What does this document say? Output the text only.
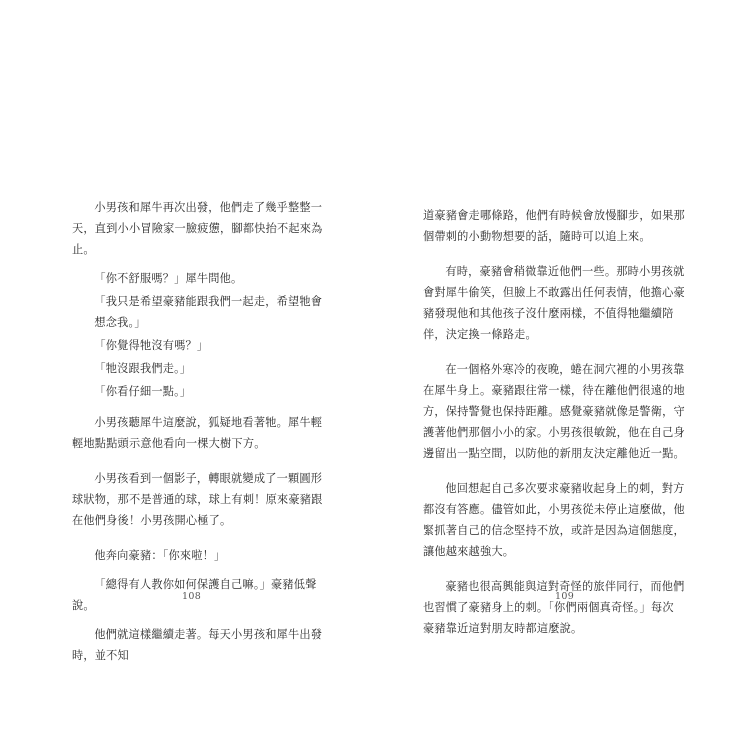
小男孩和犀牛再次出發，他們走了幾乎整整一天，直到小小冒險家一臉疲憊，腳都快抬不起來為止。

「你不舒服嗎？」犀牛問他。

「我只是希望豪豬能跟我們一起走，希望牠會想念我。」

「你覺得牠沒有嗎？」

「牠沒跟我們走。」

「你看仔細一點。」

小男孩聽犀牛這麼說，狐疑地看著牠。犀牛輕輕地點點頭示意他看向一棵大樹下方。

小男孩看到一個影子，轉眼就變成了一顆圓形球狀物，那不是普通的球，球上有刺！原來豪豬跟在他們身後！小男孩開心極了。

他奔向豪豬：「你來啦！」

「總得有人教你如何保護自己嘛。」豪豬低聲說。

他們就這樣繼續走著。每天小男孩和犀牛出發時，並不知

108

道豪豬會走哪條路，他們有時候會放慢腳步，如果那個帶刺的小動物想要的話，隨時可以追上來。

有時，豪豬會稍微靠近他們一些。那時小男孩就會對犀牛偷笑，但臉上不敢露出任何表情，他擔心豪豬發現他和其他孩子沒什麼兩樣，不值得牠繼續陪伴，決定換一條路走。

在一個格外寒冷的夜晚，蜷在洞穴裡的小男孩靠在犀牛身上。豪豬跟往常一樣，待在離他們很遠的地方，保持警覺也保持距離。感覺豪豬就像是警衛，守護著他們那個小小的家。小男孩很敏銳，他在自己身邊留出一點空間，以防他的新朋友決定離他近一點。

他回想起自己多次要求豪豬收起身上的刺，對方都沒有答應。儘管如此，小男孩從未停止這麼做，他緊抓著自己的信念堅持不放，或許是因為這個態度，讓他越來越強大。

豪豬也很高興能與這對奇怪的旅伴同行，而他們也習慣了豪豬身上的刺。「你們兩個真奇怪。」每次豪豬靠近這對朋友時都這麼說。

109
